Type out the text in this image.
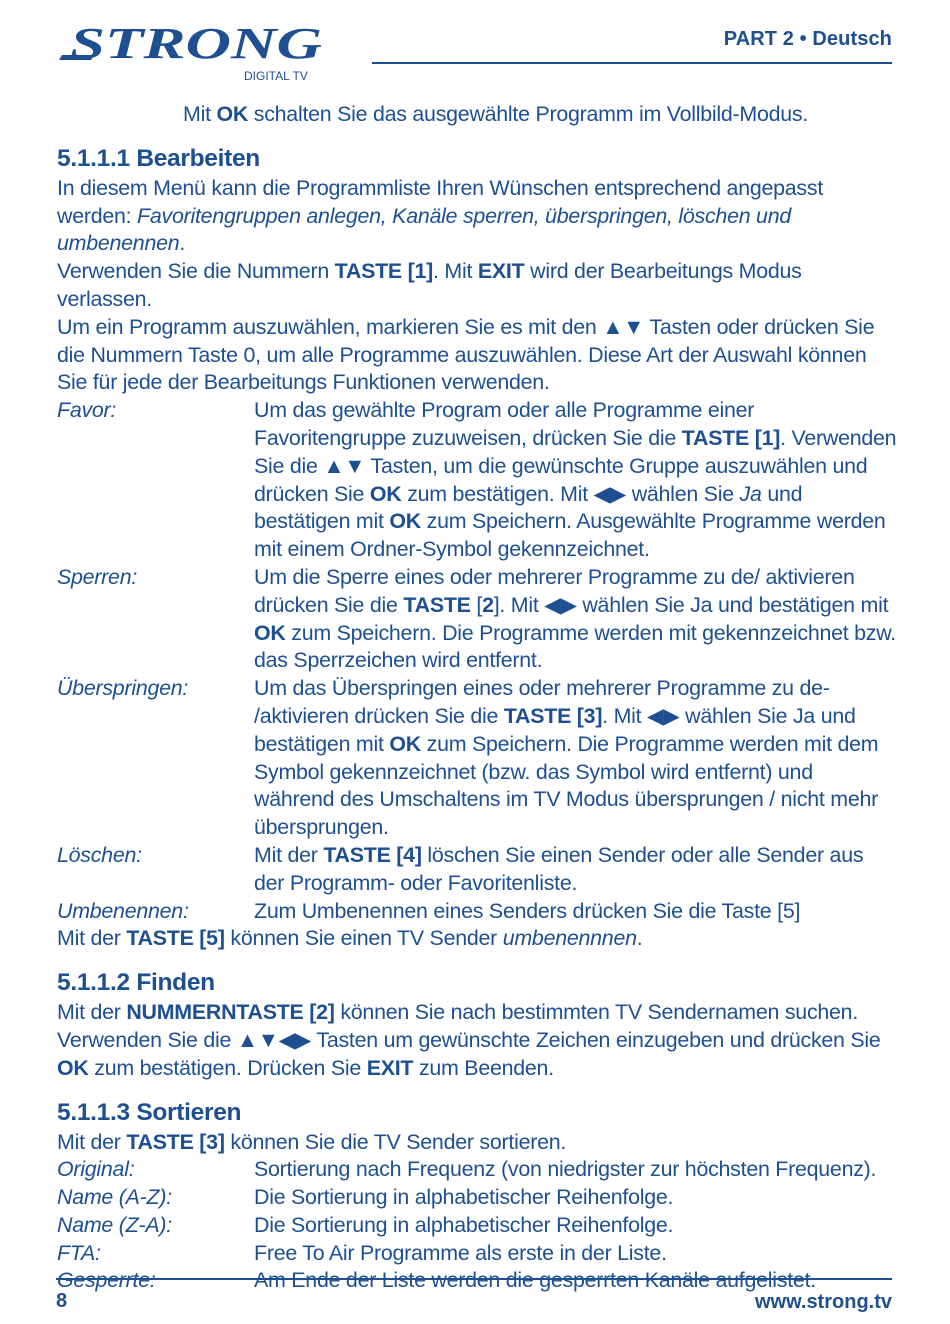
STRONG
DIGITAL TV
PART 2 • Deutsch

Mit OK schalten Sie das ausgewählte Programm im Vollbild-Modus.

5.1.1.1 Bearbeiten

In diesem Menü kann die Programmliste Ihren Wünschen entsprechend angepasst werden: Favoritengruppen anlegen, Kanäle sperren, überspringen, löschen und umbenennen.

Verwenden Sie die Nummern TASTE [1]. Mit EXIT wird der Bearbeitungs Modus verlassen.

Um ein Programm auszuwählen, markieren Sie es mit den ▲▼ Tasten oder drücken Sie die Nummern Taste 0, um alle Programme auszuwählen. Diese Art der Auswahl können Sie für jede der Bearbeitungs Funktionen verwenden.

Favor:	Um das gewählte Program oder alle Programme einer Favoritengruppe zuzuweisen, drücken Sie die TASTE [1]. Verwenden Sie die ▲▼ Tasten, um die gewünschte Gruppe auszuwählen und drücken Sie OK zum bestätigen. Mit ◀▶ wählen Sie Ja und bestätigen mit OK zum Speichern. Ausgewählte Programme werden mit einem Ordner-Symbol gekennzeichnet.
Sperren:	Um die Sperre eines oder mehrerer Programme zu de/ aktivieren drücken Sie die TASTE [2]. Mit ◀▶ wählen Sie Ja und bestätigen mit OK zum Speichern. Die Programme werden mit gekennzeichnet bzw. das Sperrzeichen wird entfernt.
Überspringen:	Um das Überspringen eines oder mehrerer Programme zu de- /aktivieren drücken Sie die TASTE [3]. Mit ◀▶ wählen Sie Ja und bestätigen mit OK zum Speichern. Die Programme werden mit dem Symbol gekennzeichnet (bzw. das Symbol wird entfernt) und während des Umschaltens im TV Modus übersprungen / nicht mehr übersprungen.
Löschen:	Mit der TASTE [4] löschen Sie einen Sender oder alle Sender aus der Programm- oder Favoritenliste.
Umbenennen:	Zum Umbenennen eines Senders drücken Sie die Taste [5]

Mit der TASTE [5] können Sie einen TV Sender umbenennnen.

5.1.1.2 Finden

Mit der NUMMERNTASTE [2] können Sie nach bestimmten TV Sendernamen suchen. Verwenden Sie die ▲▼◀▶ Tasten um gewünschte Zeichen einzugeben und drücken Sie OK zum bestätigen. Drücken Sie EXIT zum Beenden.

5.1.1.3 Sortieren

Mit der TASTE [3] können Sie die TV Sender sortieren.

Original:	Sortierung nach Frequenz (von niedrigster zur höchsten Frequenz).
Name (A-Z):	Die Sortierung in alphabetischer Reihenfolge.
Name (Z-A):	Die Sortierung in alphabetischer Reihenfolge.
FTA:	Free To Air Programme als erste in der Liste.
Gesperrte:	Am Ende der Liste werden die gesperrten Kanäle aufgelistet.
8	www.strong.tv
